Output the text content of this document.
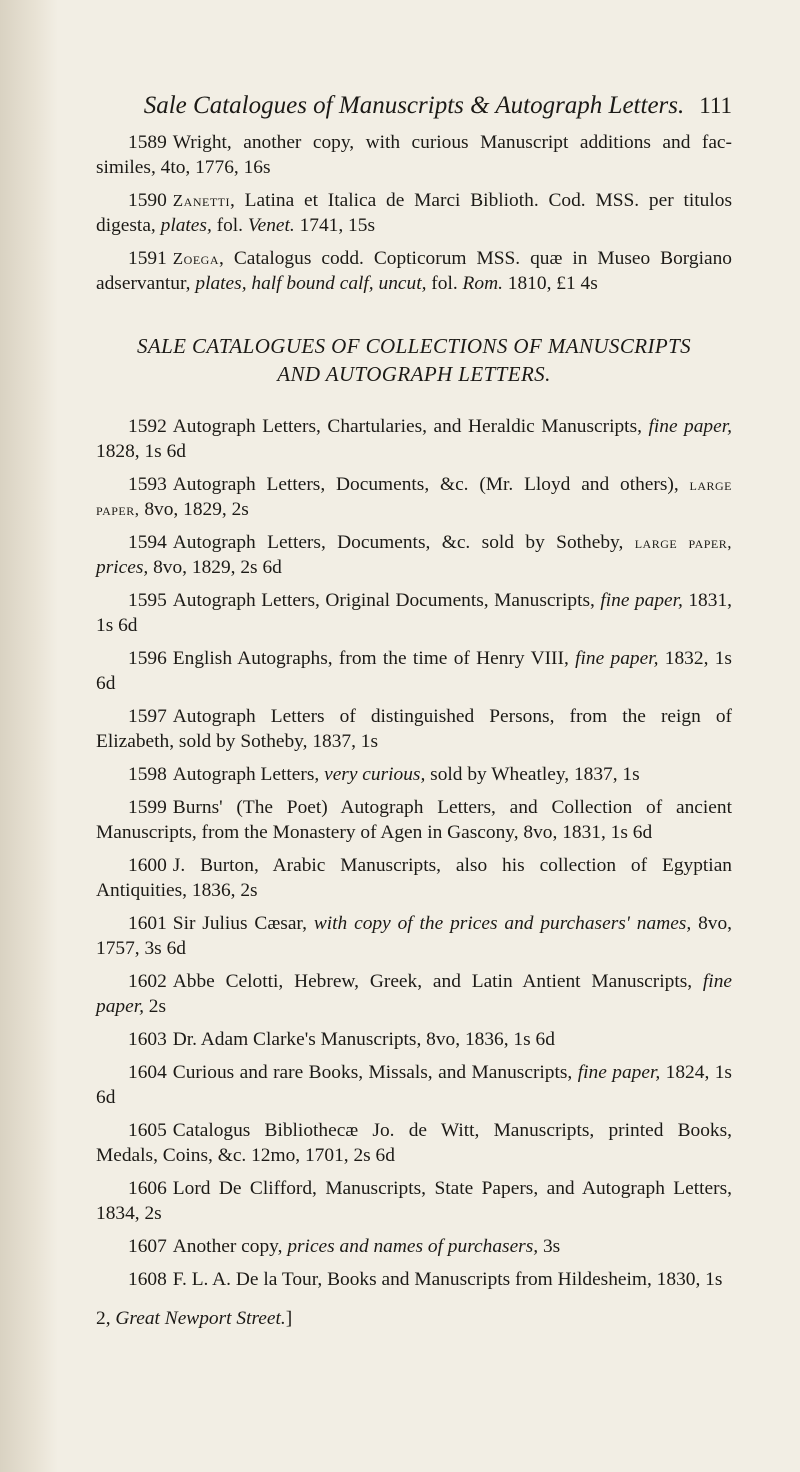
Sale Catalogues of Manuscripts & Autograph Letters. 111

1589 Wright, another copy, with curious Manuscript additions and fac-similes, 4to, 1776, 16s

1590 Zanetti, Latina et Italica de Marci Biblioth. Cod. MSS. per titulos digesta, plates, fol. Venet. 1741, 15s

1591 Zoega, Catalogus codd. Copticorum MSS. quæ in Museo Borgiano adservantur, plates, half bound calf, uncut, fol. Rom. 1810, £1 4s

SALE CATALOGUES OF COLLECTIONS OF MANUSCRIPTS
AND AUTOGRAPH LETTERS.

1592 Autograph Letters, Chartularies, and Heraldic Manuscripts, fine paper, 1828, 1s 6d

1593 Autograph Letters, Documents, &c. (Mr. Lloyd and others), large paper, 8vo, 1829, 2s

1594 Autograph Letters, Documents, &c. sold by Sotheby, large paper, prices, 8vo, 1829, 2s 6d

1595 Autograph Letters, Original Documents, Manuscripts, fine paper, 1831, 1s 6d

1596 English Autographs, from the time of Henry VIII, fine paper, 1832, 1s 6d

1597 Autograph Letters of distinguished Persons, from the reign of Elizabeth, sold by Sotheby, 1837, 1s

1598 Autograph Letters, very curious, sold by Wheatley, 1837, 1s

1599 Burns' (The Poet) Autograph Letters, and Collection of ancient Manuscripts, from the Monastery of Agen in Gascony, 8vo, 1831, 1s 6d

1600 J. Burton, Arabic Manuscripts, also his collection of Egyptian Antiquities, 1836, 2s

1601 Sir Julius Cæsar, with copy of the prices and purchasers' names, 8vo, 1757, 3s 6d

1602 Abbe Celotti, Hebrew, Greek, and Latin Antient Manuscripts, fine paper, 2s

1603 Dr. Adam Clarke's Manuscripts, 8vo, 1836, 1s 6d

1604 Curious and rare Books, Missals, and Manuscripts, fine paper, 1824, 1s 6d

1605 Catalogus Bibliothecæ Jo. de Witt, Manuscripts, printed Books, Medals, Coins, &c. 12mo, 1701, 2s 6d

1606 Lord De Clifford, Manuscripts, State Papers, and Autograph Letters, 1834, 2s

1607 Another copy, prices and names of purchasers, 3s

1608 F. L. A. De la Tour, Books and Manuscripts from Hildesheim, 1830, 1s

2, Great Newport Street.]
